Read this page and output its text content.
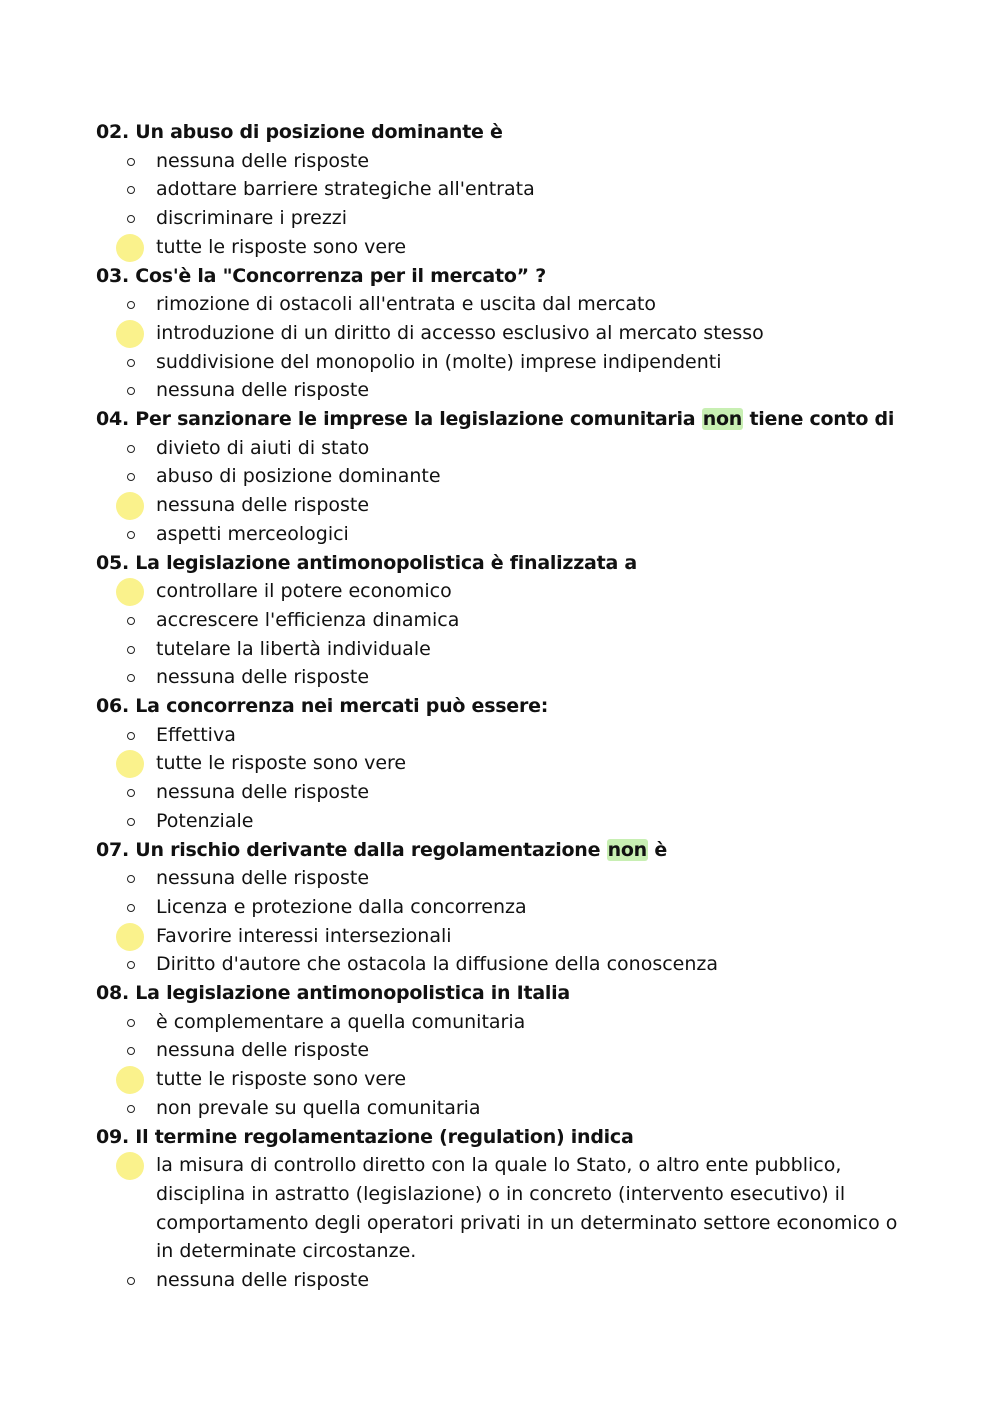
02. Un abuso di posizione dominante è
nessuna delle risposte
adottare barriere strategiche all'entrata
discriminare i prezzi
tutte le risposte sono vere
03. Cos'è la "Concorrenza per il mercato” ?
rimozione di ostacoli all'entrata e uscita dal mercato
introduzione di un diritto di accesso esclusivo al mercato stesso
suddivisione del monopolio in (molte) imprese indipendenti
nessuna delle risposte
04. Per sanzionare le imprese la legislazione comunitaria non tiene conto di
divieto di aiuti di stato
abuso di posizione dominante
nessuna delle risposte
aspetti merceologici
05. La legislazione antimonopolistica è finalizzata a
controllare il potere economico
accrescere l'efficienza dinamica
tutelare la libertà individuale
nessuna delle risposte
06. La concorrenza nei mercati può essere:
Effettiva
tutte le risposte sono vere
nessuna delle risposte
Potenziale
07. Un rischio derivante dalla regolamentazione non è
nessuna delle risposte
Licenza e protezione dalla concorrenza
Favorire interessi intersezionali
Diritto d'autore che ostacola la diffusione della conoscenza
08. La legislazione antimonopolistica in Italia
è complementare a quella comunitaria
nessuna delle risposte
tutte le risposte sono vere
non prevale su quella comunitaria
09. Il termine regolamentazione (regulation) indica
la misura di controllo diretto con la quale lo Stato, o altro ente pubblico, disciplina in astratto (legislazione) o in concreto (intervento esecutivo) il comportamento degli operatori privati in un determinato settore economico o in determinate circostanze.
nessuna delle risposte
